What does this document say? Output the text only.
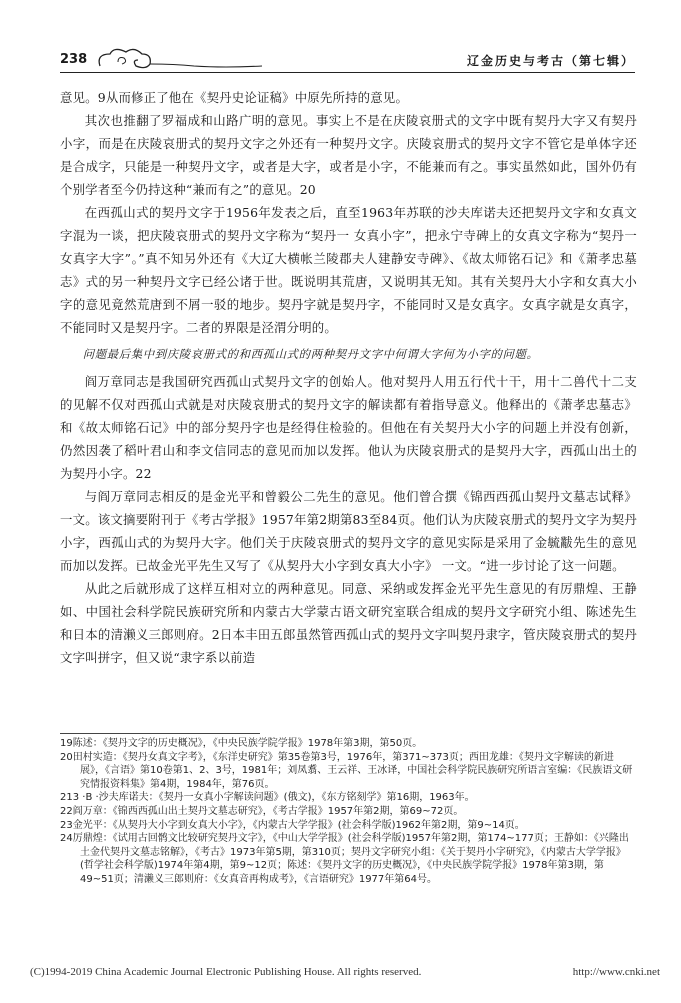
238	辽金历史与考古（第七辑）

意见。9从而修正了他在《契丹史论证稿》中原先所持的意见。

其次也推翻了罗福成和山路广明的意见。事实上不是在庆陵哀册式的文字中既有契丹大字又有契丹小字，而是在庆陵哀册式的契丹文字之外还有一种契丹文字。庆陵哀册式的契丹文字不管它是单体字还是合成字，只能是一种契丹文字，或者是大字，或者是小字，不能兼而有之。事实虽然如此，国外仍有个别学者至今仍持这种“兼而有之”的意见。20

在西孤山式的契丹文字于1956年发表之后，直至1963年苏联的沙夫库诺夫还把契丹文字和女真文字混为一谈，把庆陵哀册式的契丹文字称为“契丹一 女真小字”，把永宁寺碑上的女真文字称为“契丹一女真字大字”。”真不知另外还有《大辽大横帐兰陵郡夫人建静安寺碑》、《故太师铭石记》和《萧孝忠墓志》式的另一种契丹文字已经公诸于世。既说明其荒唐，又说明其无知。其有关契丹大小字和女真大小字的意见竟然荒唐到不屑一驳的地步。契丹字就是契丹字，不能同时又是女真字。女真字就是女真字，不能同时又是契丹字。二者的界限是泾渭分明的。

问题最后集中到庆陵哀册式的和西孤山式的两种契丹文字中何谓大字何为小字的问题。

阎万章同志是我国研究西孤山式契丹文字的创始人。他对契丹人用五行代十干，用十二兽代十二支的见解不仅对西孤山式就是对庆陵哀册式的契丹文字的解读都有着指导意义。他释出的《萧孝忠墓志》和《故太师铭石记》中的部分契丹字也是经得住检验的。但他在有关契丹大小字的问题上并没有创新，仍然因袭了稻叶君山和李文信同志的意见而加以发挥。他认为庆陵哀册式的是契丹大字，西孤山出土的为契丹小字。22

与阎万章同志相反的是金光平和曾毅公二先生的意见。他们曾合撰《锦西西孤山契丹文墓志试释》 一文。该文摘要附刊于《考古学报》1957年第2期第83至84页。他们认为庆陵哀册式的契丹文字为契丹小字，西孤山式的为契丹大字。他们关于庆陵哀册式的契丹文字的意见实际是采用了金毓黻先生的意见而加以发挥。已故金光平先生又写了《从契丹大小字到女真大小字》 一文。“进一步讨论了这一问题。

从此之后就形成了这样互相对立的两种意见。同意、采纳或发挥金光平先生意见的有厉鼎煌、王静如、中国社会科学院民族研究所和内蒙古大学蒙古语文研究室联合组成的契丹文字研究小组、陈述先生和日本的清濑义三郎则府。2日本丰田五郎虽然管西孤山式的契丹文字叫契丹隶字，管庆陵哀册式的契丹文字叫拼字，但又说“隶字系以前造

19陈述：《契丹文字的历史概况》，《中央民族学院学报》1978年第3期，第50页。

20田村实造：《契丹女真文字考》，《东洋史研究》第35卷第3号，1976年，第371~373页；西田龙雄：《契丹文字解读的新进展》，《言语》第10卷第1、2、3号，1981年；刘凤翥、王云祥、王冰译，中国社会科学院民族研究所语言室编：《民族语文研究情报资料集》第4期，1984年，第76页。

213 ·B ·沙夫库诺夫：《契丹一女真小字解读问题》(俄文)，《东方铭刻学》第16期，1963年。

22阎万章：《锦西西孤山出土契丹文墓志研究》，《考古学报》1957年第2期，第69~72页。

23金光平：《从契丹大小字到女真大小字》，《内蒙古大学学报》(社会科学版)1962年第2期，第9~14页。

24厉鼎煌：《试用古回鹘文比较研究契丹文字》，《中山大学学报》(社会科学版)1957年第2期，第174~177页；王静如：《兴隆出土金代契丹文墓志铭解》，《考古》1973年第5期，第310页；契丹文字研究小组：《关于契丹小字研究》，《内蒙古大学学报》(哲学社会科学版)1974年第4期，第9~12页；陈述：《契丹文字的历史概况》，《中央民族学院学报》1978年第3期，第49~51页；清濑义三郎则府：《女真音再构成考》，《言语研究》1977年第64号。

(C)1994-2019 China Academic Journal Electronic Publishing House. All rights reserved.	http://www.cnki.net
